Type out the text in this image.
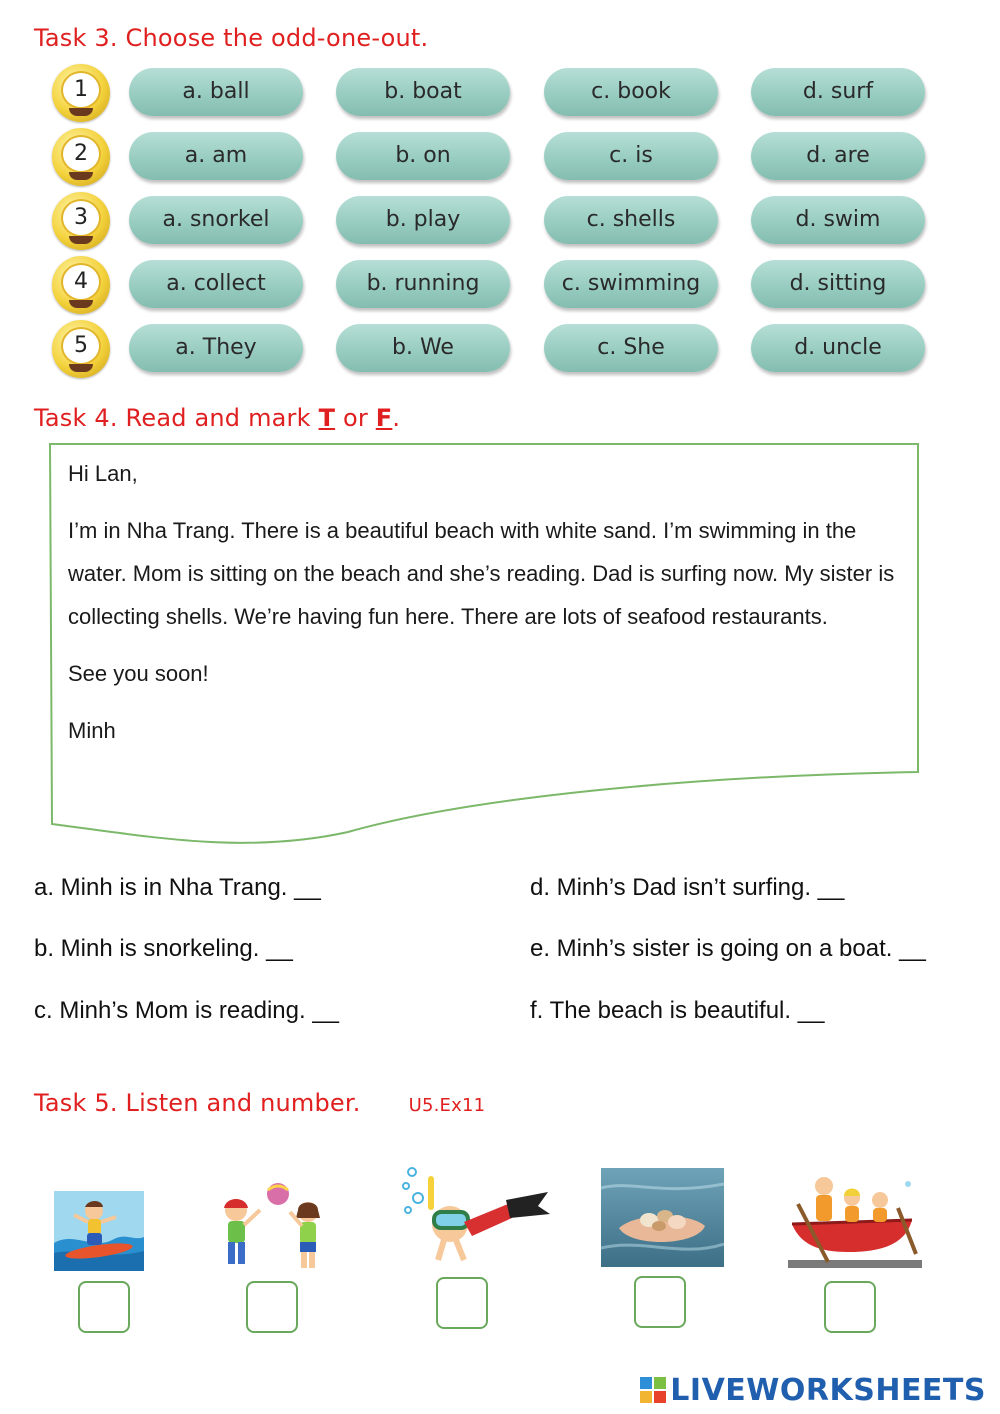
Task 3. Choose the odd-one-out.
1	a. ball	b. boat	c. book	d. surf
2	a. am	b. on	c. is	d. are
3	a. snorkel	b. play	c. shells	d. swim
4	a. collect	b. running	c. swimming	d. sitting
5	a. They	b. We	c. She	d. uncle
Task 4. Read and mark T or F.

Hi Lan,

I’m in Nha Trang. There is a beautiful beach with white sand. I’m swimming in the water. Mom is sitting on the beach and she’s reading. Dad is surfing now. My sister is collecting shells. We’re having fun here. There are lots of seafood restaurants.

See you soon!

Minh

a. Minh is in Nha Trang. __
b. Minh is snorkeling. __
c. Minh’s Mom is reading. __
d. Minh’s Dad isn’t surfing. __
e. Minh’s sister is going on a boat. __
f. The beach is beautiful. __
Task 5. Listen and number.	U5.Ex11
LIVEWORKSHEETS
